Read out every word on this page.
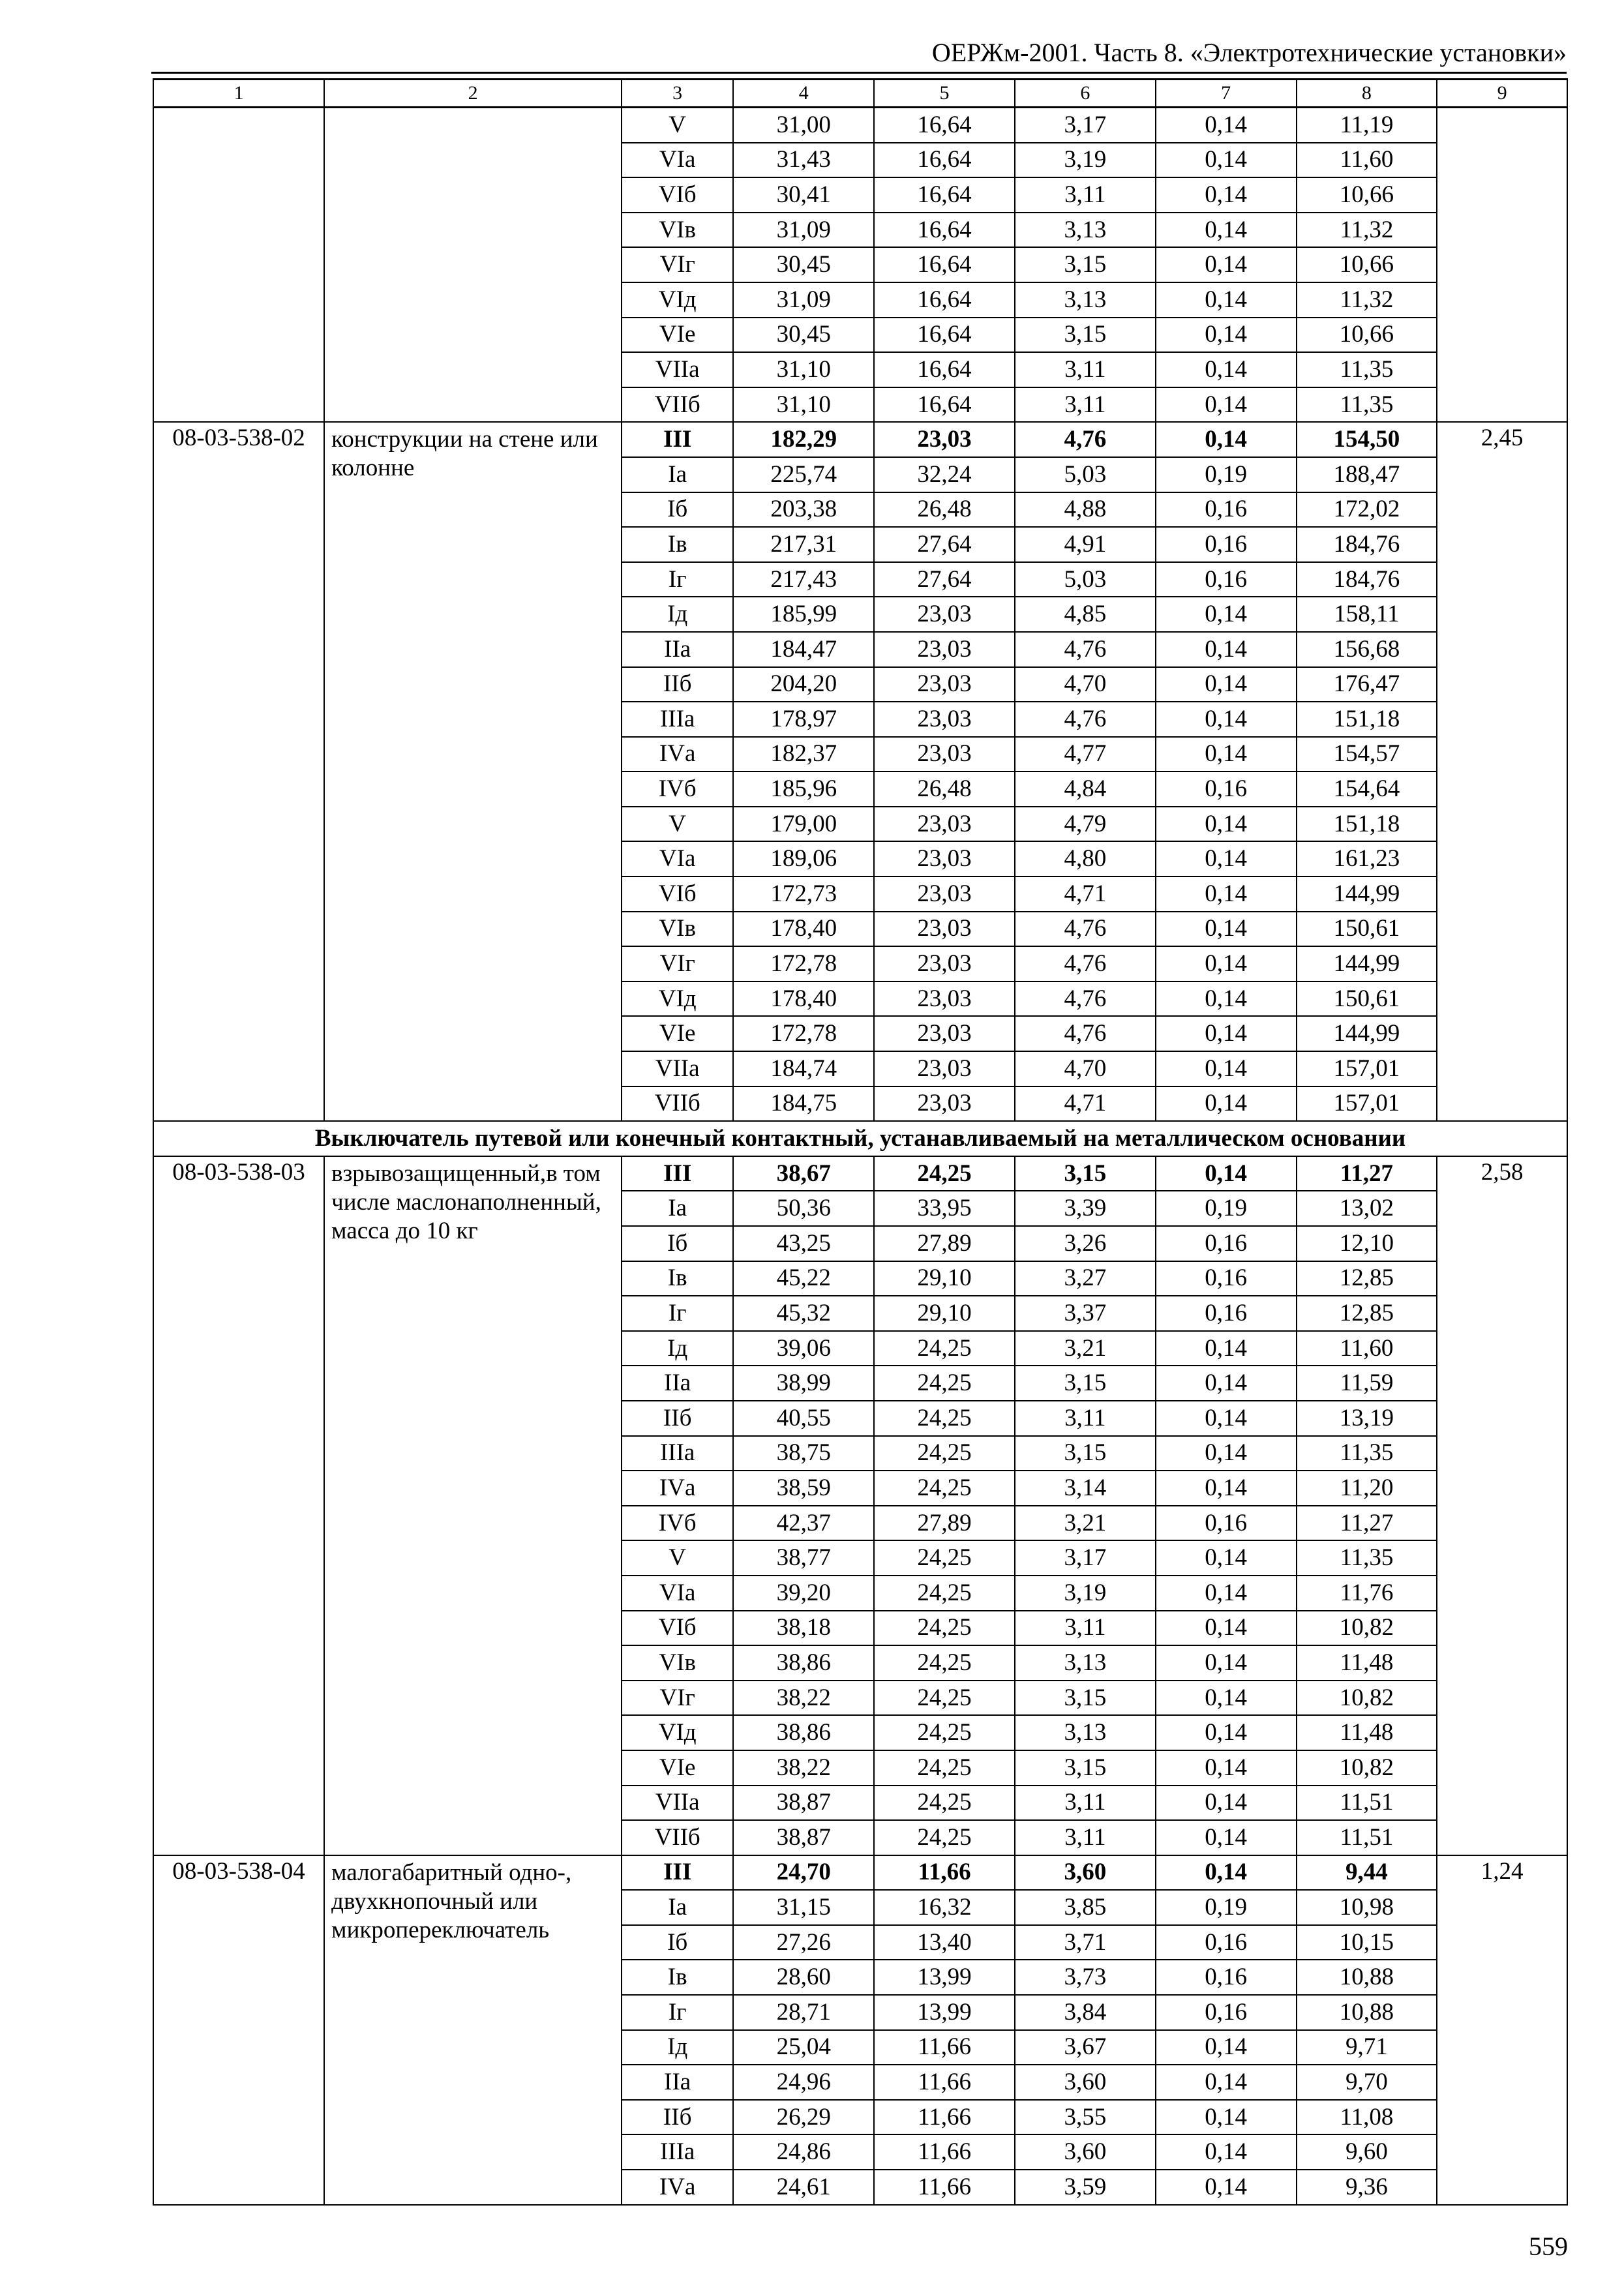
ОЕРЖм-2001. Часть 8. «Электротехнические установки»
1	2	3	4	5	6	7	8	9
		V	31,00	16,64	3,17	0,14	11,19	
		VIа	31,43	16,64	3,19	0,14	11,60	
		VIб	30,41	16,64	3,11	0,14	10,66	
		VIв	31,09	16,64	3,13	0,14	11,32	
		VIг	30,45	16,64	3,15	0,14	10,66	
		VIд	31,09	16,64	3,13	0,14	11,32	
		VIе	30,45	16,64	3,15	0,14	10,66	
		VIIа	31,10	16,64	3,11	0,14	11,35	
		VIIб	31,10	16,64	3,11	0,14	11,35	
08-03-538-02	конструкции на стене или колонне	III	182,29	23,03	4,76	0,14	154,50	2,45
		Iа	225,74	32,24	5,03	0,19	188,47	
		Iб	203,38	26,48	4,88	0,16	172,02	
		Iв	217,31	27,64	4,91	0,16	184,76	
		Iг	217,43	27,64	5,03	0,16	184,76	
		Iд	185,99	23,03	4,85	0,14	158,11	
		IIа	184,47	23,03	4,76	0,14	156,68	
		IIб	204,20	23,03	4,70	0,14	176,47	
		IIIа	178,97	23,03	4,76	0,14	151,18	
		IVа	182,37	23,03	4,77	0,14	154,57	
		IVб	185,96	26,48	4,84	0,16	154,64	
		V	179,00	23,03	4,79	0,14	151,18	
		VIа	189,06	23,03	4,80	0,14	161,23	
		VIб	172,73	23,03	4,71	0,14	144,99	
		VIв	178,40	23,03	4,76	0,14	150,61	
		VIг	172,78	23,03	4,76	0,14	144,99	
		VIд	178,40	23,03	4,76	0,14	150,61	
		VIе	172,78	23,03	4,76	0,14	144,99	
		VIIа	184,74	23,03	4,70	0,14	157,01	
		VIIб	184,75	23,03	4,71	0,14	157,01	
Выключатель путевой или конечный контактный, устанавливаемый на металлическом основании								
08-03-538-03	взрывозащищенный,в том числе маслонаполненный, масса до 10 кг	III	38,67	24,25	3,15	0,14	11,27	2,58
		Iа	50,36	33,95	3,39	0,19	13,02	
		Iб	43,25	27,89	3,26	0,16	12,10	
		Iв	45,22	29,10	3,27	0,16	12,85	
		Iг	45,32	29,10	3,37	0,16	12,85	
		Iд	39,06	24,25	3,21	0,14	11,60	
		IIа	38,99	24,25	3,15	0,14	11,59	
		IIб	40,55	24,25	3,11	0,14	13,19	
		IIIа	38,75	24,25	3,15	0,14	11,35	
		IVа	38,59	24,25	3,14	0,14	11,20	
		IVб	42,37	27,89	3,21	0,16	11,27	
		V	38,77	24,25	3,17	0,14	11,35	
		VIа	39,20	24,25	3,19	0,14	11,76	
		VIб	38,18	24,25	3,11	0,14	10,82	
		VIв	38,86	24,25	3,13	0,14	11,48	
		VIг	38,22	24,25	3,15	0,14	10,82	
		VIд	38,86	24,25	3,13	0,14	11,48	
		VIе	38,22	24,25	3,15	0,14	10,82	
		VIIа	38,87	24,25	3,11	0,14	11,51	
		VIIб	38,87	24,25	3,11	0,14	11,51	
08-03-538-04	малогабаритный одно-, двухкнопочный или микропереключатель	III	24,70	11,66	3,60	0,14	9,44	1,24
		Iа	31,15	16,32	3,85	0,19	10,98	
		Iб	27,26	13,40	3,71	0,16	10,15	
		Iв	28,60	13,99	3,73	0,16	10,88	
		Iг	28,71	13,99	3,84	0,16	10,88	
		Iд	25,04	11,66	3,67	0,14	9,71	
		IIа	24,96	11,66	3,60	0,14	9,70	
		IIб	26,29	11,66	3,55	0,14	11,08	
		IIIа	24,86	11,66	3,60	0,14	9,60	
		IVа	24,61	11,66	3,59	0,14	9,36	
559
